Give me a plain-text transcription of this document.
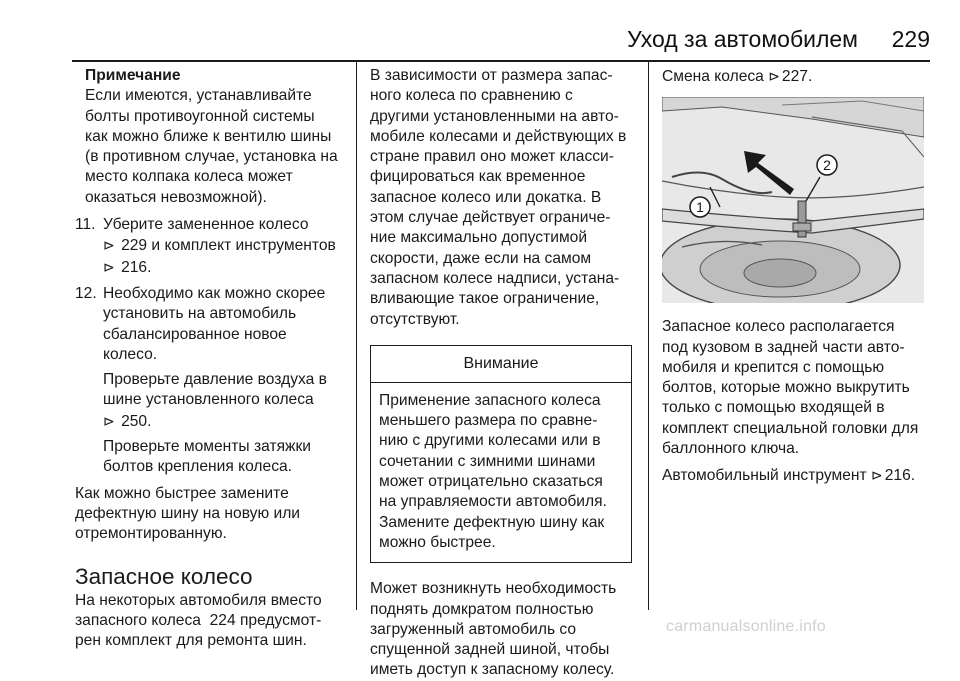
Уход за автомобилем 229

Примечание

Если имеются, устанавливайте

болты противоугонной системы

как можно ближе к вентилю шины

(в противном случае, установка на

место колпака колеса может

оказаться невозможной).

11. Уберите замененное колесо

⊳ 229 и комплект инструментов

⊳ 216.

12. Необходимо как можно скорее

установить на автомобиль

сбалансированное новое

колесо.

Проверьте давление воздуха в

шине установленного колеса

⊳ 250.

Проверьте моменты затяжки

болтов крепления колеса.

Как можно быстрее замените

дефектную шину на новую или

отремонтированную.

Запасное колесо

На некоторых автомобиля вместо

запасного колеса  224 предусмот-

рен комплект для ремонта шин.

В зависимости от размера запас-

ного колеса по сравнению с

другими установленными на авто-

мобиле колесами и действующих в

стране правил оно может класси-

фицироваться как временное

запасное колесо или докатка. В

этом случае действует ограниче-

ние максимально допустимой

скорости, даже если на самом

запасном колесе надписи, устана-

вливающие такое ограничение,

отсутствуют.

Внимание

Применение запасного колеса

меньшего размера по сравне-

нию с другими колесами или в

сочетании с зимними шинами

может отрицательно сказаться

на управляемости автомобиля.

Замените дефектную шину как

можно быстрее.

Может возникнуть необходимость

поднять домкратом полностью

загруженный автомобиль со

спущенной задней шиной, чтобы

иметь доступ к запасному колесу.

Смена колеса ⊳ 227.

1
2

Запасное колесо располагается

под кузовом в задней части авто-

мобиля и крепится с помощью

болтов, которые можно выкрутить

только с помощью входящей в

комплект специальной головки для

баллонного ключа.

Автомобильный инструмент ⊳ 216.

carmanualsonline.info
